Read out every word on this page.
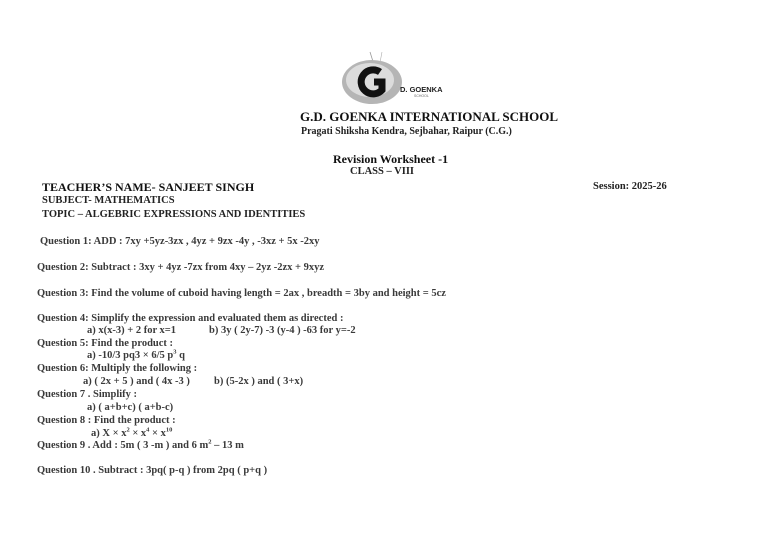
D. GOENKA
SCHOOL
G.D. GOENKA INTERNATIONAL SCHOOL
Pragati Shiksha Kendra, Sejbahar, Raipur (C.G.)
Revision Worksheet -1
CLASS – VIII
TEACHER’S NAME- SANJEET SINGH	Session: 2025-26
SUBJECT- MATHEMATICS
TOPIC – ALGEBRIC EXPRESSIONS AND IDENTITIES
Question 1: ADD : 7xy +5yz-3zx , 4yz + 9zx -4y , -3xz + 5x -2xy
Question 2: Subtract : 3xy + 4yz -7zx from 4xy – 2yz -2zx + 9xyz
Question 3: Find the volume of cuboid having length = 2ax , breadth = 3by and height = 5cz
Question 4: Simplify the expression and evaluated them as directed :
a) x(x-3) + 2 for x=1	b) 3y ( 2y-7) -3 (y-4 ) -63 for y=-2
Question 5: Find the product :
a) -10/3 pq3 × 6/5 $p^3$ q
Question 6: Multiply the following :
a) ( 2x + 5 ) and ( 4x -3 ) b) (5-2x ) and ( 3+x)
Question 7 . Simplify :
a) ( a+b+c) ( a+b-c)
Question 8 : Find the product :
a) $X \times x^2 \times x^4 \times x^{10}$
Question 9 . Add : 5m ( 3 -m ) and 6 $m^2 - 13$ m
Question 10 . Subtract : 3pq( p-q ) from 2pq ( p+q )
